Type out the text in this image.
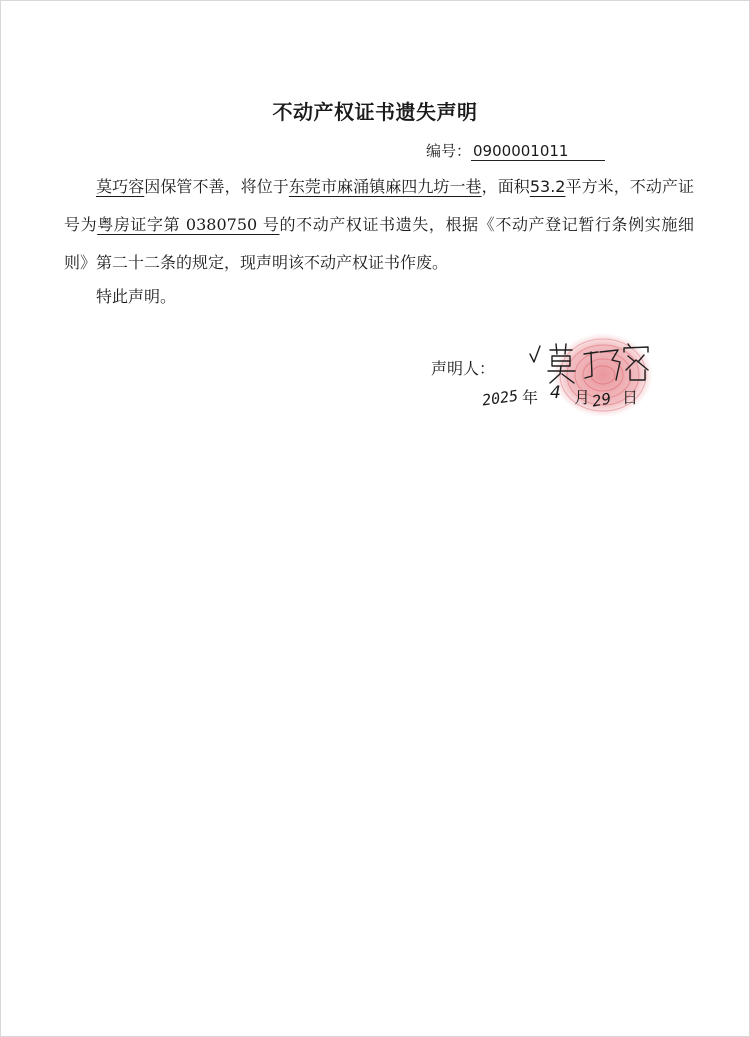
不动产权证书遗失声明
编号： 0900001011
莫巧容因保管不善，将位于东莞市麻涌镇麻四九坊一巷，面积53.2平方米，不动产证号为粤房证字第 0380750 号的不动产权证书遗失，根据《不动产登记暂行条例实施细则》第二十二条的规定，现声明该不动产权证书作废。
特此声明。
声明人：
2025 年 4 月 29 日
